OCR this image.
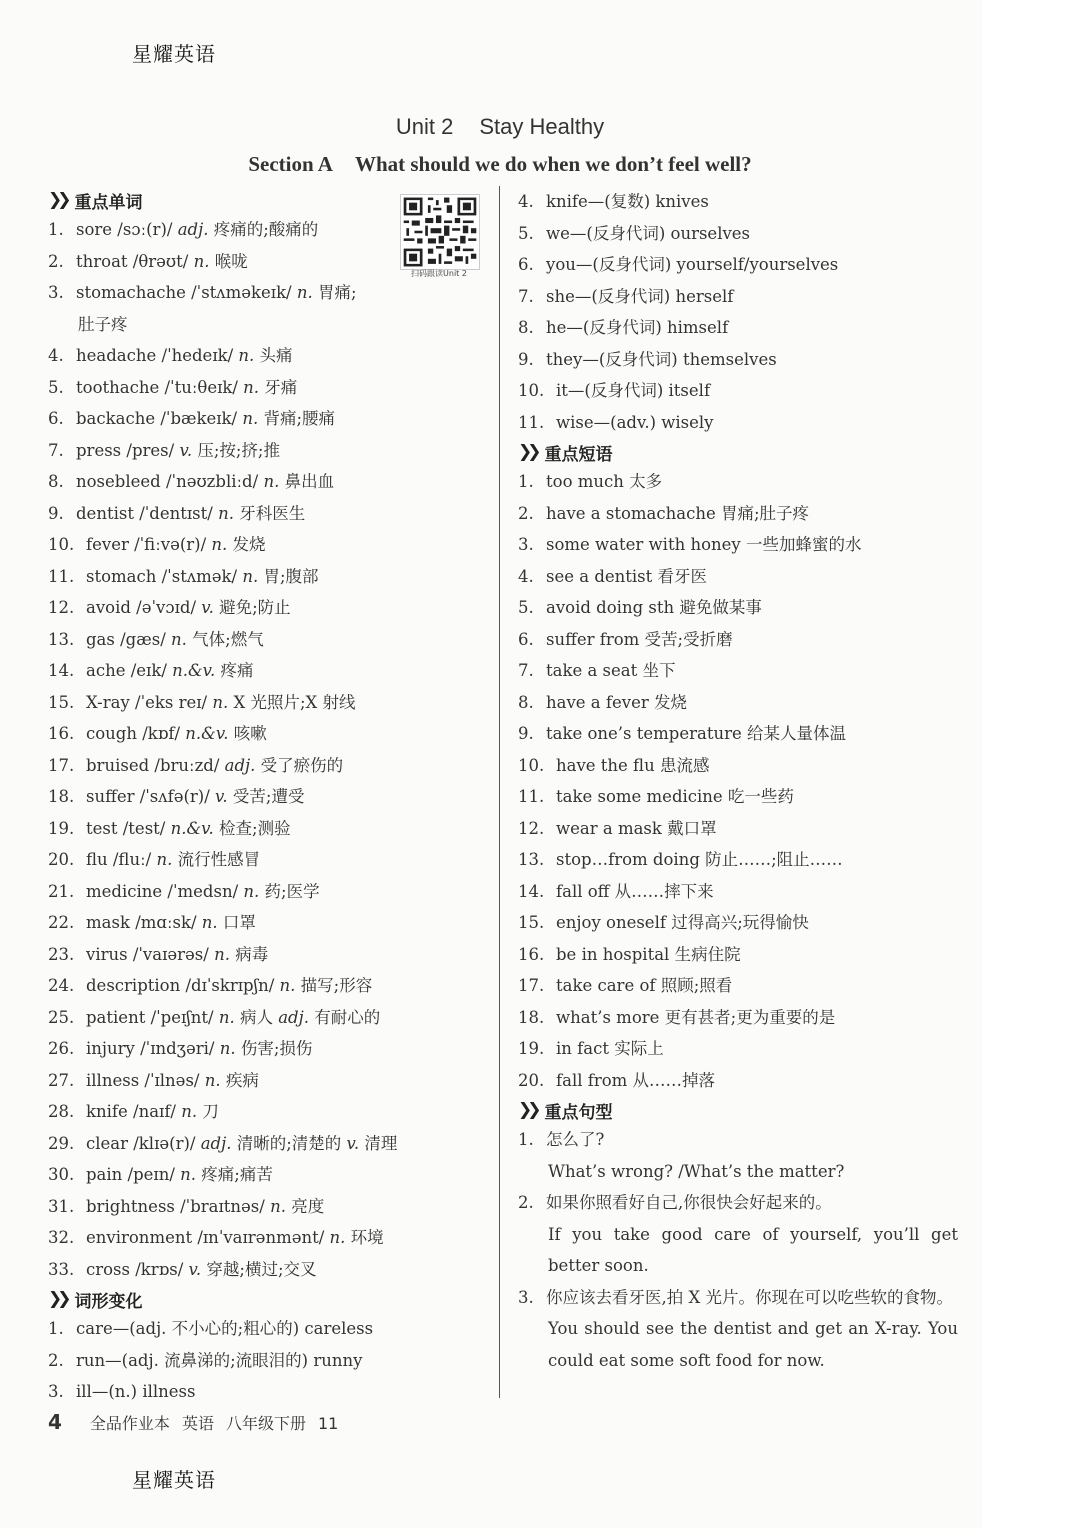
星耀英语
Unit 2 Stay Healthy
Section A What should we do when we don’t feel well?
扫码跟读Unit 2
❯❯ 重点单词
1. sore /sɔː(r)/ adj. 疼痛的;酸痛的
2. throat /θrəʊt/ n. 喉咙
3. stomachache /ˈstʌməkeɪk/ n. 胃痛;
肚子疼
4. headache /ˈhedeɪk/ n. 头痛
5. toothache /ˈtuːθeɪk/ n. 牙痛
6. backache /ˈbækeɪk/ n. 背痛;腰痛
7. press /pres/ v. 压;按;挤;推
8. nosebleed /ˈnəʊzbliːd/ n. 鼻出血
9. dentist /ˈdentɪst/ n. 牙科医生
10. fever /ˈfiːvə(r)/ n. 发烧
11. stomach /ˈstʌmək/ n. 胃;腹部
12. avoid /əˈvɔɪd/ v. 避免;防止
13. gas /gæs/ n. 气体;燃气
14. ache /eɪk/ n.&v. 疼痛
15. X-ray /ˈeks reɪ/ n. X 光照片;X 射线
16. cough /kɒf/ n.&v. 咳嗽
17. bruised /bruːzd/ adj. 受了瘀伤的
18. suffer /ˈsʌfə(r)/ v. 受苦;遭受
19. test /test/ n.&v. 检查;测验
20. flu /fluː/ n. 流行性感冒
21. medicine /ˈmedsn/ n. 药;医学
22. mask /mɑːsk/ n. 口罩
23. virus /ˈvaɪərəs/ n. 病毒
24. description /dɪˈskrɪpʃn/ n. 描写;形容
25. patient /ˈpeɪʃnt/ n. 病人 adj. 有耐心的
26. injury /ˈɪndʒəri/ n. 伤害;损伤
27. illness /ˈɪlnəs/ n. 疾病
28. knife /naɪf/ n. 刀
29. clear /klɪə(r)/ adj. 清晰的;清楚的 v. 清理
30. pain /peɪn/ n. 疼痛;痛苦
31. brightness /ˈbraɪtnəs/ n. 亮度
32. environment /ɪnˈvaɪrənmənt/ n. 环境
33. cross /krɒs/ v. 穿越;横过;交叉
❯❯ 词形变化
1. care—(adj. 不小心的;粗心的) careless
2. run—(adj. 流鼻涕的;流眼泪的) runny
3. ill—(n.) illness
4. knife—(复数) knives
5. we—(反身代词) ourselves
6. you—(反身代词) yourself/yourselves
7. she—(反身代词) herself
8. he—(反身代词) himself
9. they—(反身代词) themselves
10. it—(反身代词) itself
11. wise—(adv.) wisely
❯❯ 重点短语
1. too much 太多
2. have a stomachache 胃痛;肚子疼
3. some water with honey 一些加蜂蜜的水
4. see a dentist 看牙医
5. avoid doing sth 避免做某事
6. suffer from 受苦;受折磨
7. take a seat 坐下
8. have a fever 发烧
9. take one’s temperature 给某人量体温
10. have the flu 患流感
11. take some medicine 吃一些药
12. wear a mask 戴口罩
13. stop…from doing 防止……;阻止……
14. fall off 从……摔下来
15. enjoy oneself 过得高兴;玩得愉快
16. be in hospital 生病住院
17. take care of 照顾;照看
18. what’s more 更有甚者;更为重要的是
19. in fact 实际上
20. fall from 从……掉落
❯❯ 重点句型
1. 怎么了?
What’s wrong? /What’s the matter?
2. 如果你照看好自己,你很快会好起来的。
If you take good care of yourself, you’ll get better soon.
3. 你应该去看牙医,拍 X 光片。你现在可以吃些软的食物。
You should see the dentist and get an X-ray. You could eat some soft food for now.
4 全品作业本 英语 八年级下册 11
星耀英语
